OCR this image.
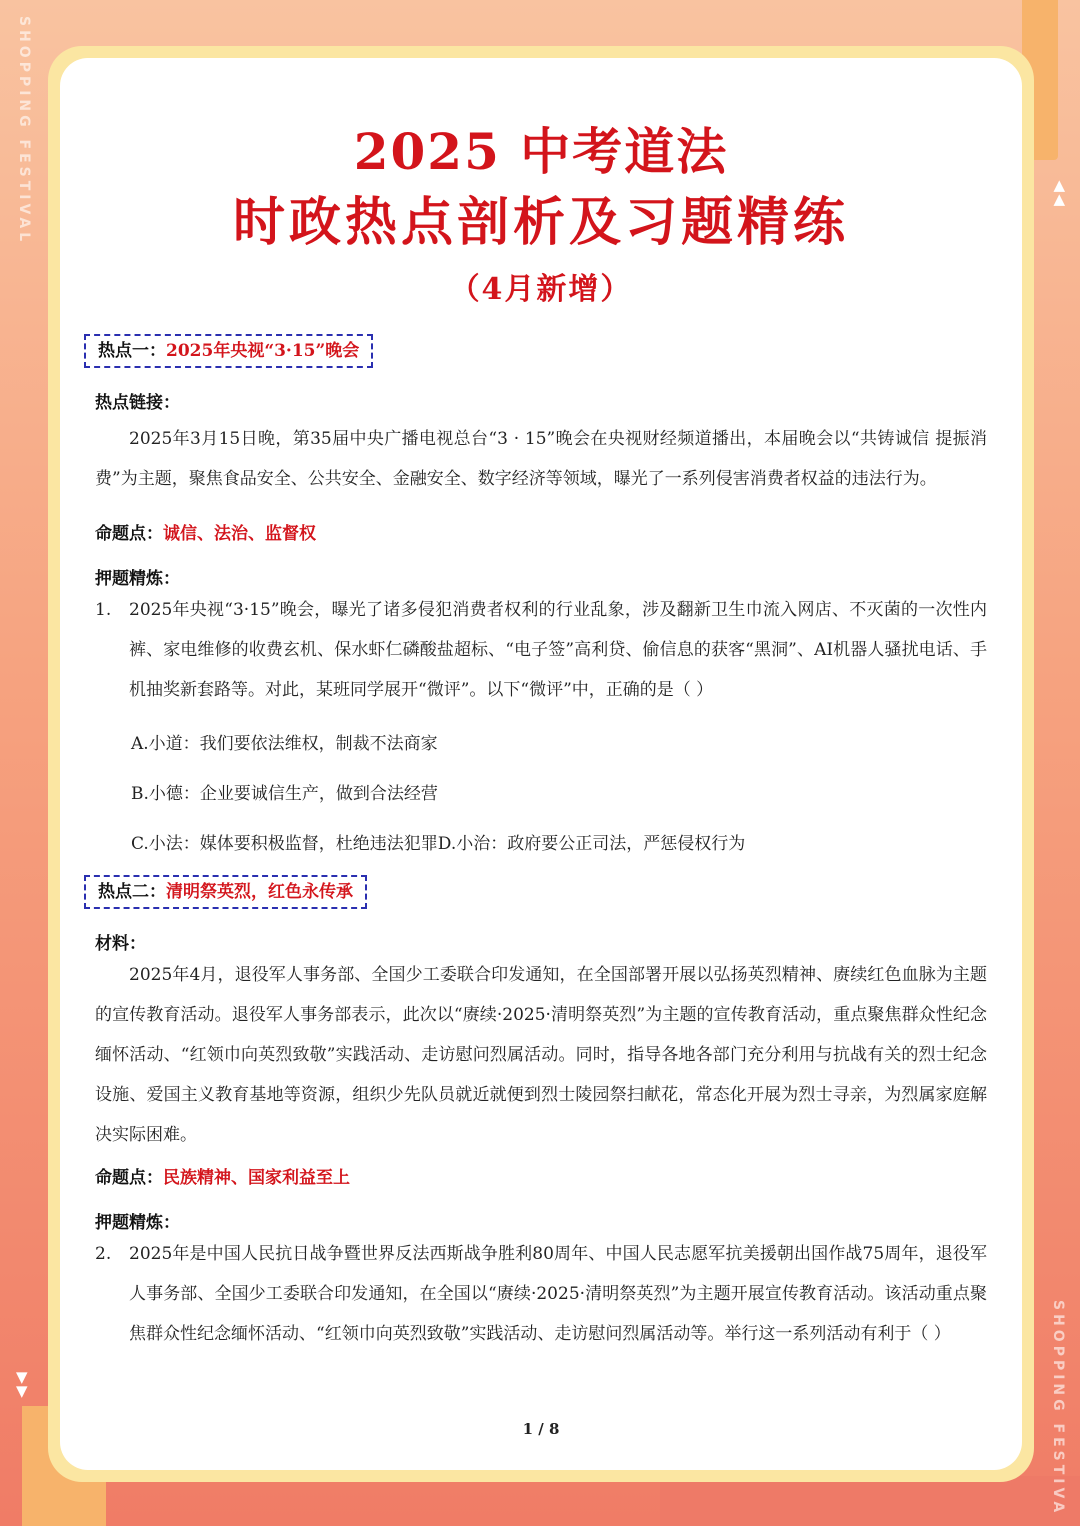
SHOPPING FESTIVAL
SHOPPING FESTIVA
▲
▲
▼
▼
2025 中考道法
时政热点剖析及习题精练
（4月新增）
热点一：2025年央视“3·15”晚会
热点链接：

2025年3月15日晚，第35届中央广播电视总台“3 · 15”晚会在央视财经频道播出，本届晚会以“共铸诚信 提振消费”为主题，聚焦食品安全、公共安全、金融安全、数字经济等领域，曝光了一系列侵害消费者权益的违法行为。

命题点：诚信、法治、监督权
押题精炼：
1. 2025年央视“3·15”晚会，曝光了诸多侵犯消费者权利的行业乱象，涉及翻新卫生巾流入网店、不灭菌的一次性内裤、家电维修的收费玄机、保水虾仁磷酸盐超标、“电子签”高利贷、偷信息的获客“黑洞”、AI机器人骚扰电话、手机抽奖新套路等。对此，某班同学展开“微评”。以下“微评”中，正确的是（ ）
A.小道：我们要依法维权，制裁不法商家
B.小德：企业要诚信生产，做到合法经营
C.小法：媒体要积极监督，杜绝违法犯罪D.小治：政府要公正司法，严惩侵权行为
热点二：清明祭英烈，红色永传承
材料：

2025年4月，退役军人事务部、全国少工委联合印发通知，在全国部署开展以弘扬英烈精神、赓续红色血脉为主题的宣传教育活动。退役军人事务部表示，此次以“赓续·2025·清明祭英烈”为主题的宣传教育活动，重点聚焦群众性纪念缅怀活动、“红领巾向英烈致敬”实践活动、走访慰问烈属活动。同时，指导各地各部门充分利用与抗战有关的烈士纪念设施、爱国主义教育基地等资源，组织少先队员就近就便到烈士陵园祭扫献花，常态化开展为烈士寻亲，为烈属家庭解决实际困难。

命题点：民族精神、国家利益至上
押题精炼：
2. 2025年是中国人民抗日战争暨世界反法西斯战争胜利80周年、中国人民志愿军抗美援朝出国作战75周年，退役军人事务部、全国少工委联合印发通知，在全国以“赓续·2025·清明祭英烈”为主题开展宣传教育活动。该活动重点聚焦群众性纪念缅怀活动、“红领巾向英烈致敬”实践活动、走访慰问烈属活动等。举行这一系列活动有利于（ ）
1 / 8
